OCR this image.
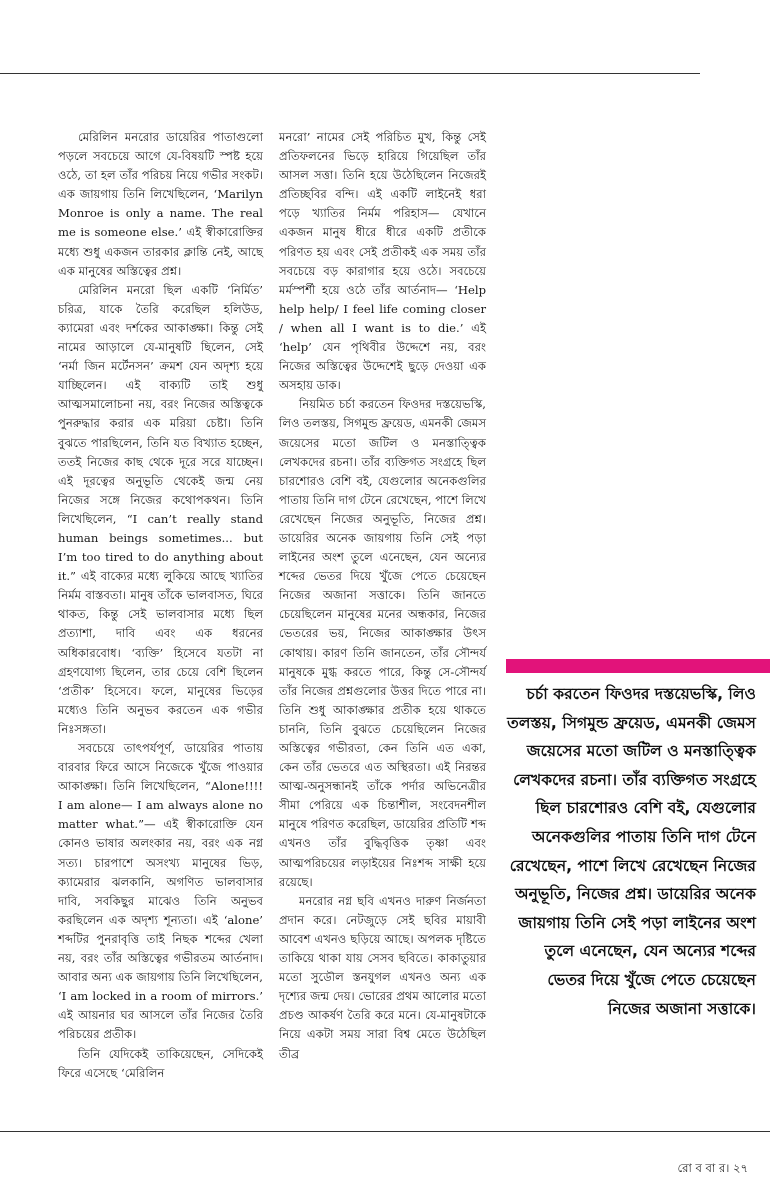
মেরিলিন মনরোর ডায়েরির পাতাগুলো পড়লে সবচেয়ে আগে যে-বিষয়টি স্পষ্ট হয়ে ওঠে, তা হল তাঁর পরিচয় নিয়ে গভীর সংকট। এক জায়গায় তিনি লিখেছিলেন, ‘Marilyn Monroe is only a name. The real me is someone else.’ এই স্বীকারোক্তির মধ্যে শুধু একজন তারকার ক্লান্তি নেই, আছে এক মানুষের অস্তিত্বের প্রশ্ন।

মেরিলিন মনরো ছিল একটি ‘নির্মিত’ চরিত্র, যাকে তৈরি করেছিল হলিউড, ক্যামেরা এবং দর্শকের আকাঙ্ক্ষা। কিন্তু সেই নামের আড়ালে যে-মানুষটি ছিলেন, সেই ‘নর্মা জিন মর্টেনসন’ ক্রমশ যেন অদৃশ্য হয়ে যাচ্ছিলেন। এই বাক্যটি তাই শুধু আত্মসমালোচনা নয়, বরং নিজের অস্তিত্বকে পুনরুদ্ধার করার এক মরিয়া চেষ্টা। তিনি বুঝতে পারছিলেন, তিনি যত বিখ্যাত হচ্ছেন, ততই নিজের কাছ থেকে দূরে সরে যাচ্ছেন। এই দূরত্বের অনুভূতি থেকেই জন্ম নেয় নিজের সঙ্গে নিজের কথোপকথন। তিনি লিখেছিলেন, “I can’t really stand human beings sometimes... but I’m too tired to do anything about it.” এই বাক্যের মধ্যে লুকিয়ে আছে খ্যাতির নির্মম বাস্তবতা। মানুষ তাঁকে ভালবাসত, ঘিরে থাকত, কিন্তু সেই ভালবাসার মধ্যে ছিল প্রত্যাশা, দাবি এবং এক ধরনের অধিকারবোধ। ‘ব্যক্তি’ হিসেবে যতটা না গ্রহণযোগ্য ছিলেন, তার চেয়ে বেশি ছিলেন ‘প্রতীক’ হিসেবে। ফলে, মানুষের ভিড়ের মধ্যেও তিনি অনুভব করতেন এক গভীর নিঃসঙ্গতা।

সবচেয়ে তাৎপর্যপূর্ণ, ডায়েরির পাতায় বারবার ফিরে আসে নিজেকে খুঁজে পাওয়ার আকাঙ্ক্ষা। তিনি লিখেছিলেন, “Alone!!!! I am alone— I am always alone no matter what.”— এই স্বীকারোক্তি যেন কোনও ভাষার অলংকার নয়, বরং এক নগ্ন সত্য। চারপাশে অসংখ্য মানুষের ভিড়, ক্যামেরার ঝলকানি, অগণিত ভালবাসার দাবি, সবকিছুর মাঝেও তিনি অনুভব করছিলেন এক অদৃশ্য শূন্যতা। এই ‘alone’ শব্দটির পুনরাবৃত্তি তাই নিছক শব্দের খেলা নয়, বরং তাঁর অস্তিত্বের গভীরতম আর্তনাদ। আবার অন্য এক জায়গায় তিনি লিখেছিলেন, ‘I am locked in a room of mirrors.’ এই আয়নার ঘর আসলে তাঁর নিজের তৈরি পরিচয়ের প্রতীক।

তিনি যেদিকেই তাকিয়েছেন, সেদিকেই ফিরে এসেছে ‘মেরিলিন

মনরো’ নামের সেই পরিচিত মুখ, কিন্তু সেই প্রতিফলনের ভিড়ে হারিয়ে গিয়েছিল তাঁর আসল সত্তা। তিনি হয়ে উঠেছিলেন নিজেরই প্রতিচ্ছবির বন্দি। এই একটি লাইনেই ধরা পড়ে খ্যাতির নির্মম পরিহাস— যেখানে একজন মানুষ ধীরে ধীরে একটি প্রতীকে পরিণত হয় এবং সেই প্রতীকই এক সময় তাঁর সবচেয়ে বড় কারাগার হয়ে ওঠে। সবচেয়ে মর্মস্পর্শী হয়ে ওঠে তাঁর আর্তনাদ— ‘Help help help/ I feel life coming closer / when all I want is to die.’ এই ‘help’ যেন পৃথিবীর উদ্দেশে নয়, বরং নিজের অস্তিত্বের উদ্দেশেই ছুড়ে দেওয়া এক অসহায় ডাক।

নিয়মিত চর্চা করতেন ফিওদর দস্তয়েভস্কি, লিও তলস্তয়, সিগমুন্ড ফ্রয়েড, এমনকী জেমস জয়েসের মতো জটিল ও মনস্তাত্ত্বিক লেখকদের রচনা। তাঁর ব্যক্তিগত সংগ্রহে ছিল চারশোরও বেশি বই, যেগুলোর অনেকগুলির পাতায় তিনি দাগ টেনে রেখেছেন, পাশে লিখে রেখেছেন নিজের অনুভূতি, নিজের প্রশ্ন। ডায়েরির অনেক জায়গায় তিনি সেই পড়া লাইনের অংশ তুলে এনেছেন, যেন অন্যের শব্দের ভেতর দিয়ে খুঁজে পেতে চেয়েছেন নিজের অজানা সত্তাকে। তিনি জানতে চেয়েছিলেন মানুষের মনের অন্ধকার, নিজের ভেতরের ভয়, নিজের আকাঙ্ক্ষার উৎস কোথায়। কারণ তিনি জানতেন, তাঁর সৌন্দর্য মানুষকে মুগ্ধ করতে পারে, কিন্তু সে-সৌন্দর্য তাঁর নিজের প্রশ্নগুলোর উত্তর দিতে পারে না। তিনি শুধু আকাঙ্ক্ষার প্রতীক হয়ে থাকতে চাননি, তিনি বুঝতে চেয়েছিলেন নিজের অস্তিত্বের গভীরতা, কেন তিনি এত একা, কেন তাঁর ভেতরে এত অস্থিরতা। এই নিরন্তর আত্ম-অনুসন্ধানই তাঁকে পর্দার অভিনেত্রীর সীমা পেরিয়ে এক চিন্তাশীল, সংবেদনশীল মানুষে পরিণত করেছিল, ডায়েরির প্রতিটি শব্দ এখনও তাঁর বুদ্ধিবৃত্তিক তৃষ্ণা এবং আত্মপরিচয়ের লড়াইয়ের নিঃশব্দ সাক্ষী হয়ে রয়েছে।

মনরোর নগ্ন ছবি এখনও দারুণ নির্জনতা প্রদান করে। নেটজুড়ে সেই ছবির মায়াবী আবেশ এখনও ছড়িয়ে আছে। অপলক দৃষ্টিতে তাকিয়ে থাকা যায় সেসব ছবিতে। কাকাতুয়ার মতো সুডৌল স্তনযুগল এখনও অন্য এক দৃশ্যের জন্ম দেয়। ভোরের প্রথম আলোর মতো প্রচণ্ড আকর্ষণ তৈরি করে মনে। যে-মানুষটাকে নিয়ে একটা সময় সারা বিশ্ব মেতে উঠেছিল তীব্র

চর্চা করতেন ফিওদর দস্তয়েভস্কি, লিও তলস্তয়, সিগমুন্ড ফ্রয়েড, এমনকী জেমস জয়েসের মতো জটিল ও মনস্তাত্ত্বিক লেখকদের রচনা। তাঁর ব্যক্তিগত সংগ্রহে ছিল চারশোরও বেশি বই, যেগুলোর অনেকগুলির পাতায় তিনি দাগ টেনে রেখেছেন, পাশে লিখে রেখেছেন নিজের অনুভূতি, নিজের প্রশ্ন। ডায়েরির অনেক জায়গায় তিনি সেই পড়া লাইনের অংশ তুলে এনেছেন, যেন অন্যের শব্দের ভেতর দিয়ে খুঁজে পেতে চেয়েছেন নিজের অজানা সত্তাকে।
রো ব বা র। ২৭
